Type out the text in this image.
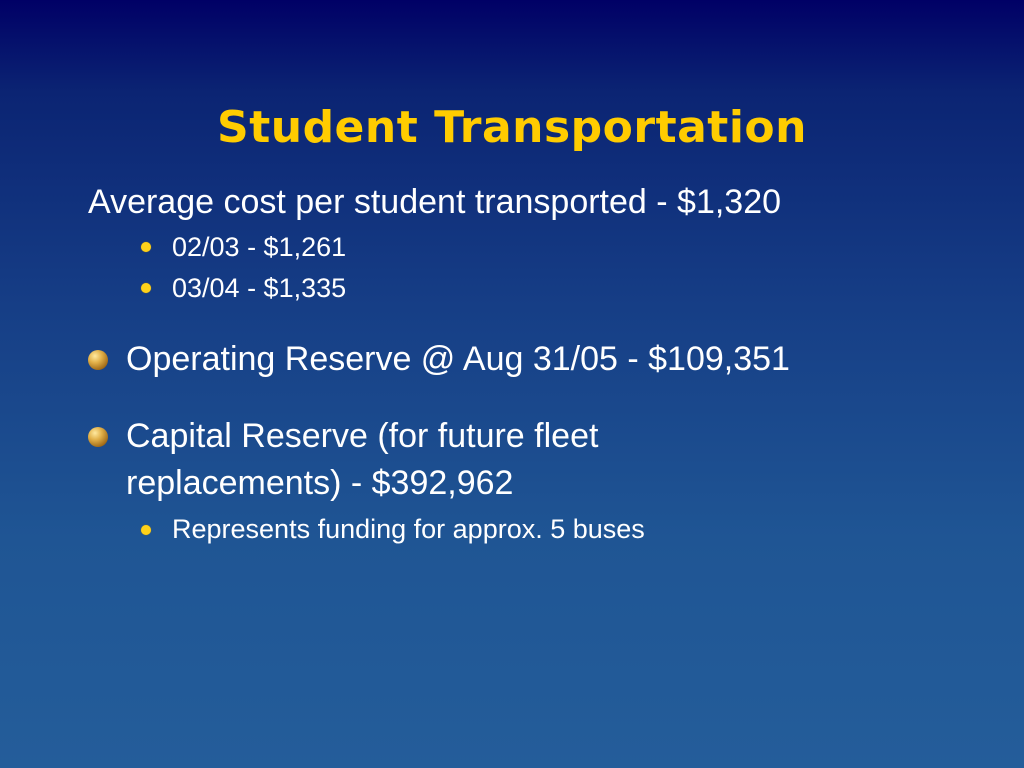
Student Transportation
Average cost per student transported - $1,320
02/03 - $1,261
03/04 - $1,335
Operating Reserve @ Aug 31/05 - $109,351
Capital Reserve (for future fleet
replacements) - $392,962
Represents funding for approx. 5 buses
